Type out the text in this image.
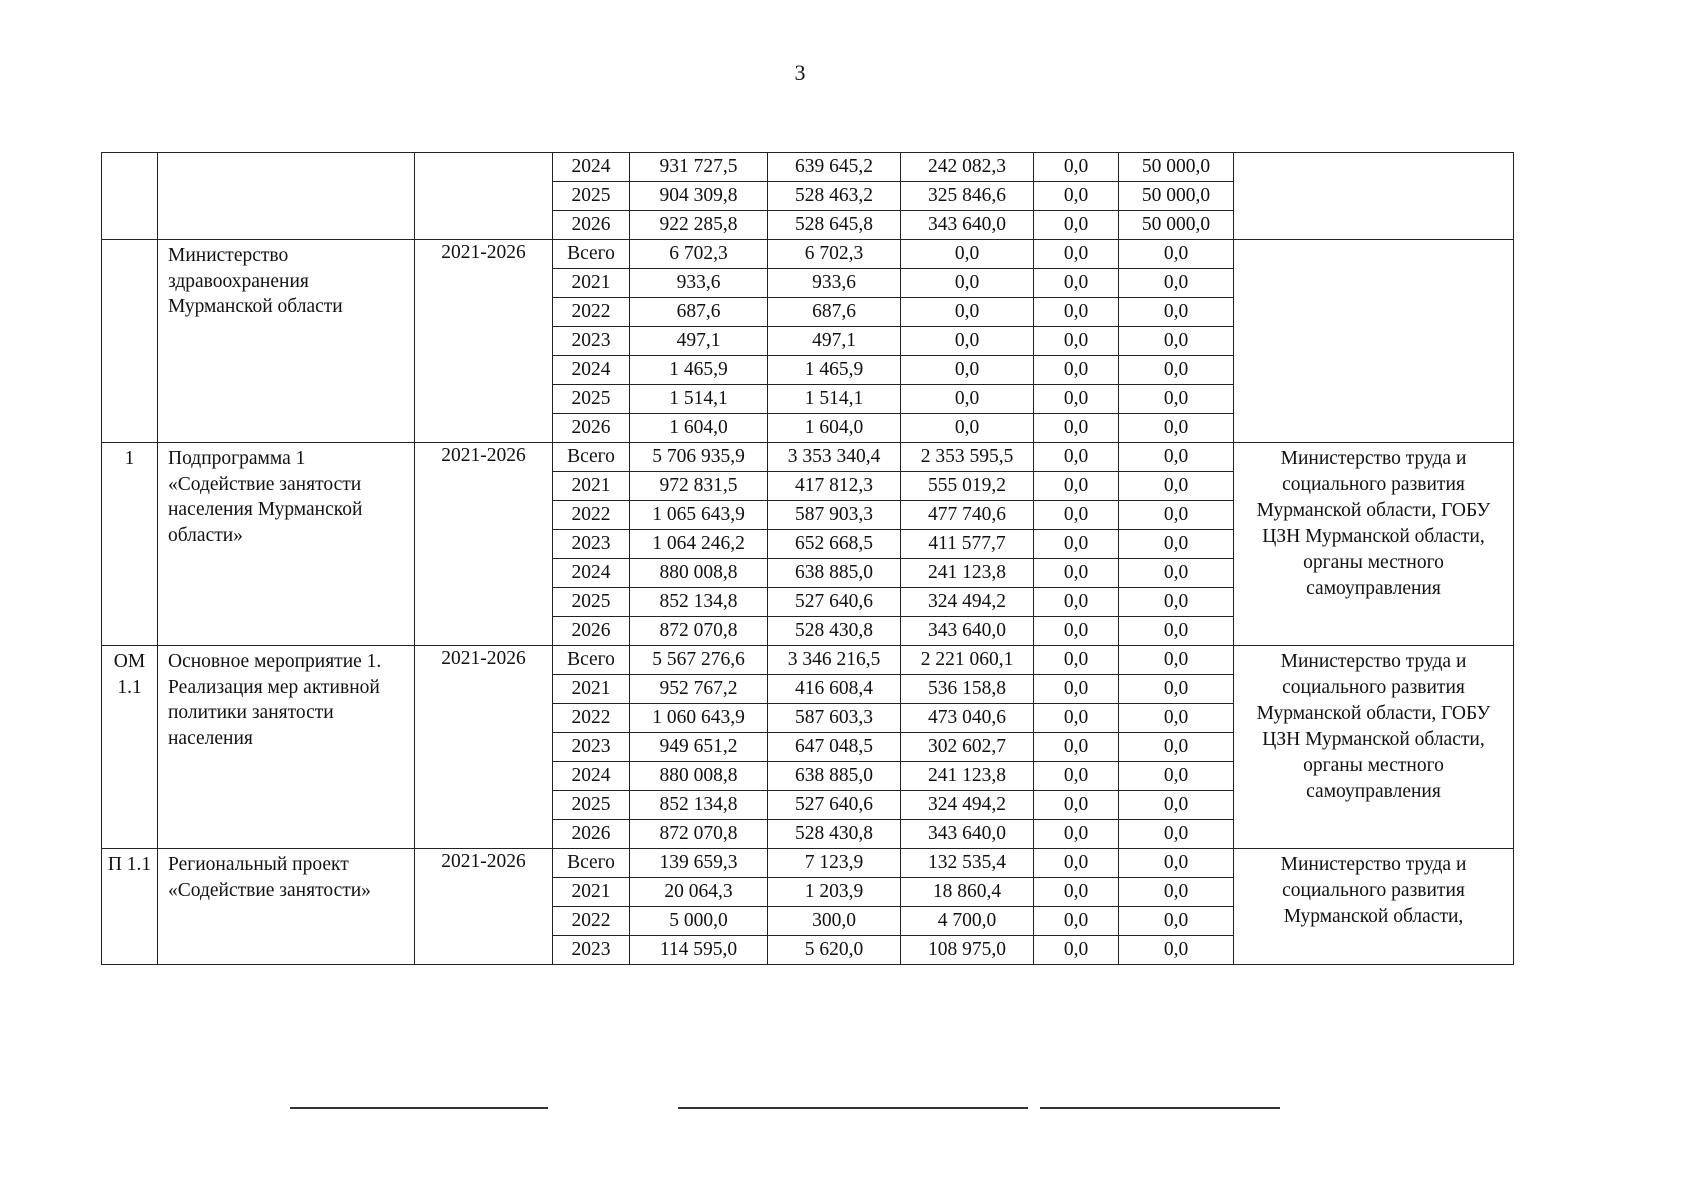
3
			2024	931 727,5	639 645,2	242 082,3	0,0	50 000,0	
			2025	904 309,8	528 463,2	325 846,6	0,0	50 000,0	
			2026	922 285,8	528 645,8	343 640,0	0,0	50 000,0	
	Министерство здравоохранения Мурманской области	2021-2026	Всего	6 702,3	6 702,3	0,0	0,0	0,0	
			2021	933,6	933,6	0,0	0,0	0,0	
			2022	687,6	687,6	0,0	0,0	0,0	
			2023	497,1	497,1	0,0	0,0	0,0	
			2024	1 465,9	1 465,9	0,0	0,0	0,0	
			2025	1 514,1	1 514,1	0,0	0,0	0,0	
			2026	1 604,0	1 604,0	0,0	0,0	0,0	
1	Подпрограмма 1 «Содействие занятости населения Мурманской области»	2021-2026	Всего	5 706 935,9	3 353 340,4	2 353 595,5	0,0	0,0	Министерство труда и социального развития Мурманской области, ГОБУ ЦЗН Мурманской области, органы местного самоуправления
			2021	972 831,5	417 812,3	555 019,2	0,0	0,0	
			2022	1 065 643,9	587 903,3	477 740,6	0,0	0,0	
			2023	1 064 246,2	652 668,5	411 577,7	0,0	0,0	
			2024	880 008,8	638 885,0	241 123,8	0,0	0,0	
			2025	852 134,8	527 640,6	324 494,2	0,0	0,0	
			2026	872 070,8	528 430,8	343 640,0	0,0	0,0	
ОМ 1.1	Основное мероприятие 1. Реализация мер активной политики занятости населения	2021-2026	Всего	5 567 276,6	3 346 216,5	2 221 060,1	0,0	0,0	Министерство труда и социального развития Мурманской области, ГОБУ ЦЗН Мурманской области, органы местного самоуправления
			2021	952 767,2	416 608,4	536 158,8	0,0	0,0	
			2022	1 060 643,9	587 603,3	473 040,6	0,0	0,0	
			2023	949 651,2	647 048,5	302 602,7	0,0	0,0	
			2024	880 008,8	638 885,0	241 123,8	0,0	0,0	
			2025	852 134,8	527 640,6	324 494,2	0,0	0,0	
			2026	872 070,8	528 430,8	343 640,0	0,0	0,0	
П 1.1	Региональный проект «Содействие занятости»	2021-2026	Всего	139 659,3	7 123,9	132 535,4	0,0	0,0	Министерство труда и социального развития Мурманской области,
			2021	20 064,3	1 203,9	18 860,4	0,0	0,0	
			2022	5 000,0	300,0	4 700,0	0,0	0,0	
			2023	114 595,0	5 620,0	108 975,0	0,0	0,0	
